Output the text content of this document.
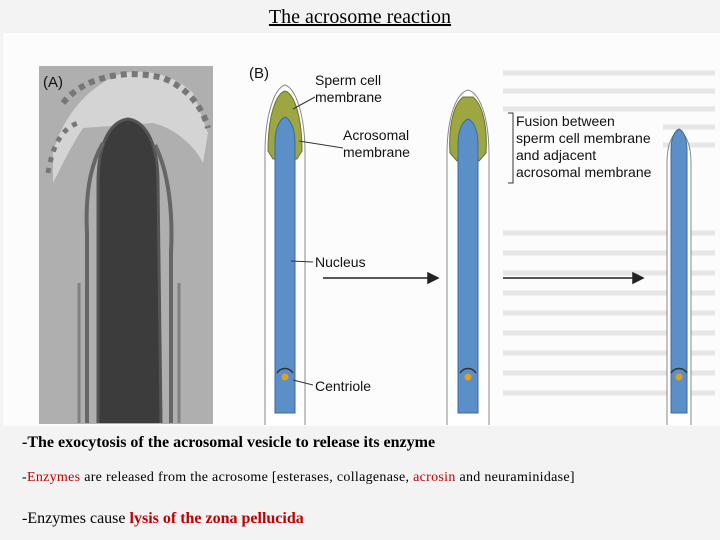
The acrosome reaction
(A)
(B)	Sperm cell
membrane
Acrosomal
membrane
Fusion between
sperm cell membrane
and adjacent
acrosomal membrane
Nucleus
Centriole
-The exocytosis of the acrosomal vesicle to release its enzyme
-Enzymes are released from the acrosome [esterases, collagenase, acrosin and neuraminidase]
-Enzymes cause lysis of the zona pellucida
